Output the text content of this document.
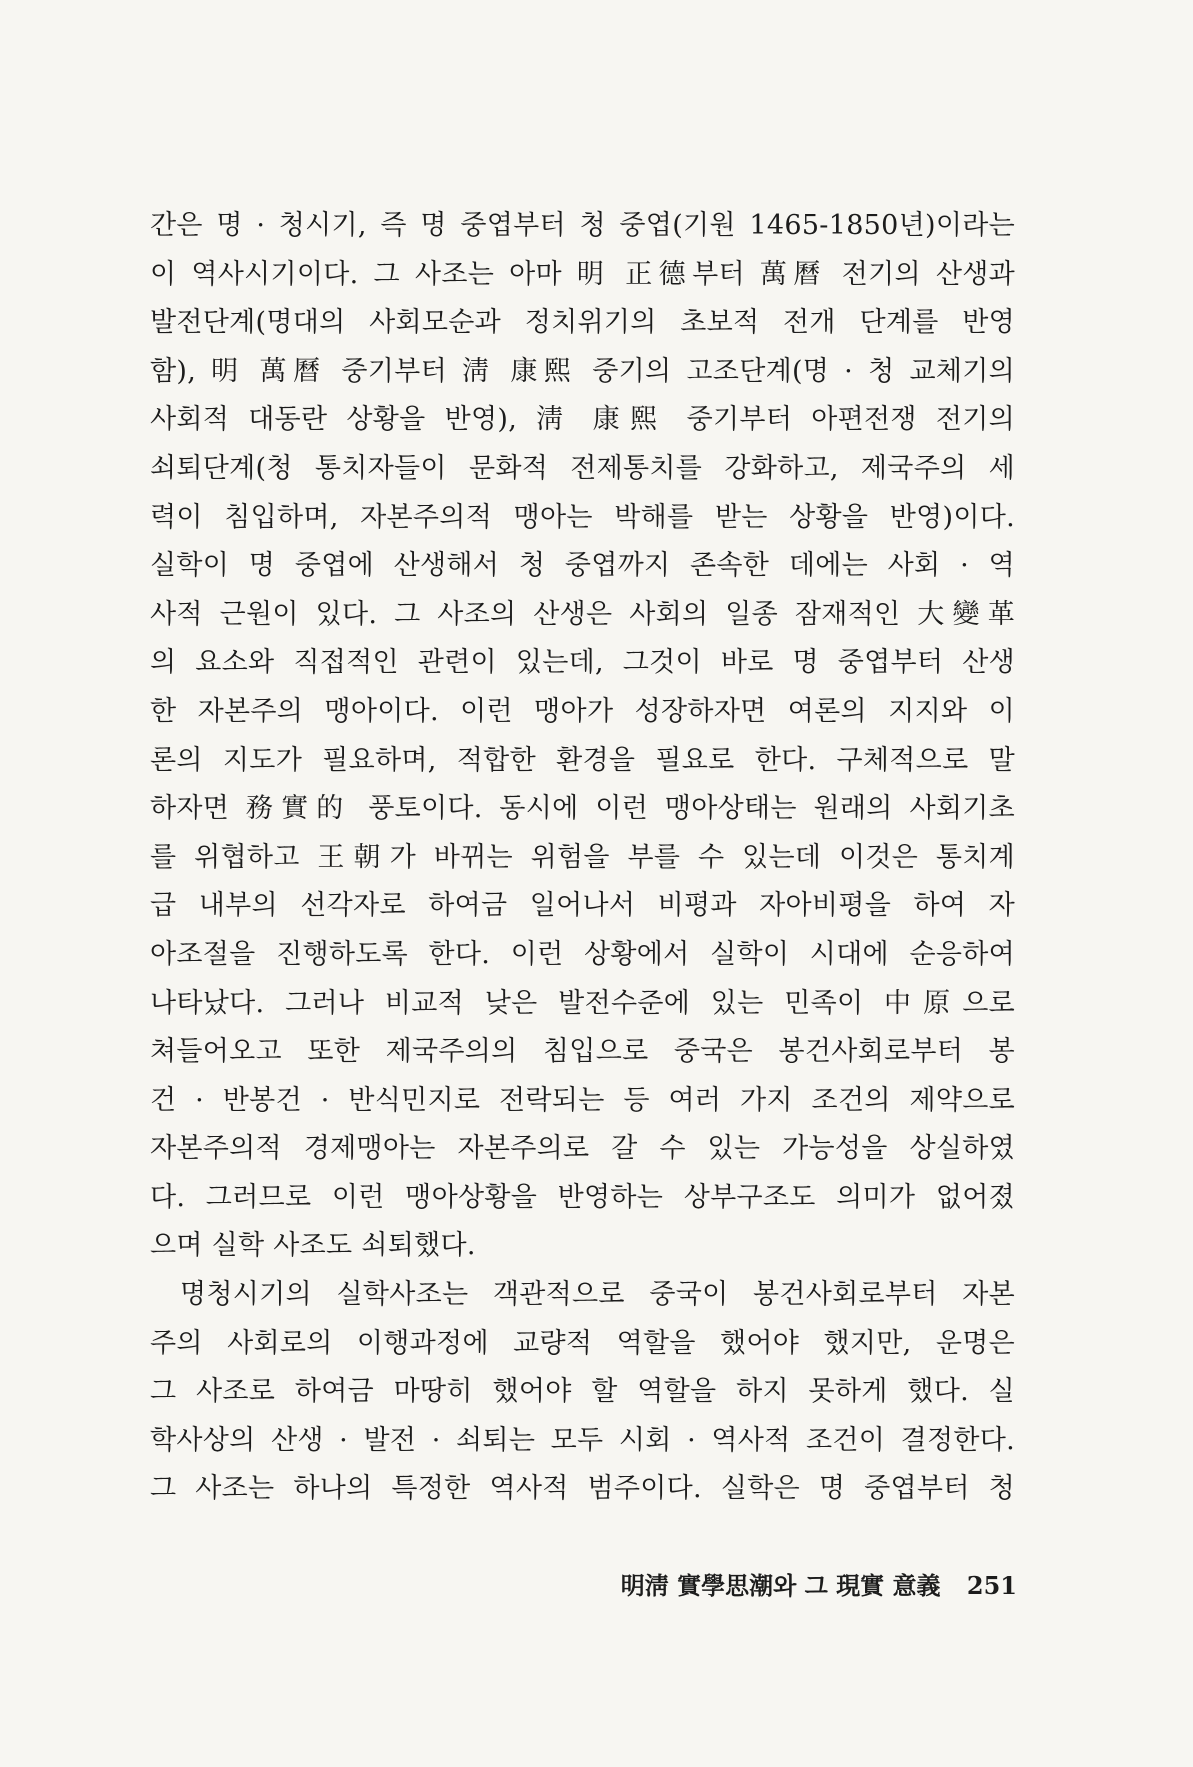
간은 명 · 청시기, 즉 명 중엽부터 청 중엽(기원 1465-1850년)이라는
이 역사시기이다. 그 사조는 아마 明 正德부터 萬曆 전기의 산생과
발전단계(명대의 사회모순과 정치위기의 초보적 전개 단계를 반영
함), 明 萬曆 중기부터 淸 康熙 중기의 고조단계(명 · 청 교체기의
사회적 대동란 상황을 반영), 淸 康熙 중기부터 아편전쟁 전기의
쇠퇴단계(청 통치자들이 문화적 전제통치를 강화하고, 제국주의 세
력이 침입하며, 자본주의적 맹아는 박해를 받는 상황을 반영)이다.
실학이 명 중엽에 산생해서 청 중엽까지 존속한 데에는 사회 · 역
사적 근원이 있다. 그 사조의 산생은 사회의 일종 잠재적인 大變革
의 요소와 직접적인 관련이 있는데, 그것이 바로 명 중엽부터 산생
한 자본주의 맹아이다. 이런 맹아가 성장하자면 여론의 지지와 이
론의 지도가 필요하며, 적합한 환경을 필요로 한다. 구체적으로 말
하자면 務實的 풍토이다. 동시에 이런 맹아상태는 원래의 사회기초
를 위협하고 王朝가 바뀌는 위험을 부를 수 있는데 이것은 통치계
급 내부의 선각자로 하여금 일어나서 비평과 자아비평을 하여 자
아조절을 진행하도록 한다. 이런 상황에서 실학이 시대에 순응하여
나타났다. 그러나 비교적 낮은 발전수준에 있는 민족이 中原으로
쳐들어오고 또한 제국주의의 침입으로 중국은 봉건사회로부터 봉
건 · 반봉건 · 반식민지로 전락되는 등 여러 가지 조건의 제약으로
자본주의적 경제맹아는 자본주의로 갈 수 있는 가능성을 상실하였
다. 그러므로 이런 맹아상황을 반영하는 상부구조도 의미가 없어졌
으며 실학 사조도 쇠퇴했다.
명청시기의 실학사조는 객관적으로 중국이 봉건사회로부터 자본
주의 사회로의 이행과정에 교량적 역할을 했어야 했지만, 운명은
그 사조로 하여금 마땅히 했어야 할 역할을 하지 못하게 했다. 실
학사상의 산생 · 발전 · 쇠퇴는 모두 시회 · 역사적 조건이 결정한다.
그 사조는 하나의 특정한 역사적 범주이다. 실학은 명 중엽부터 청
明淸 實學思潮와 그 現實 意義 251
